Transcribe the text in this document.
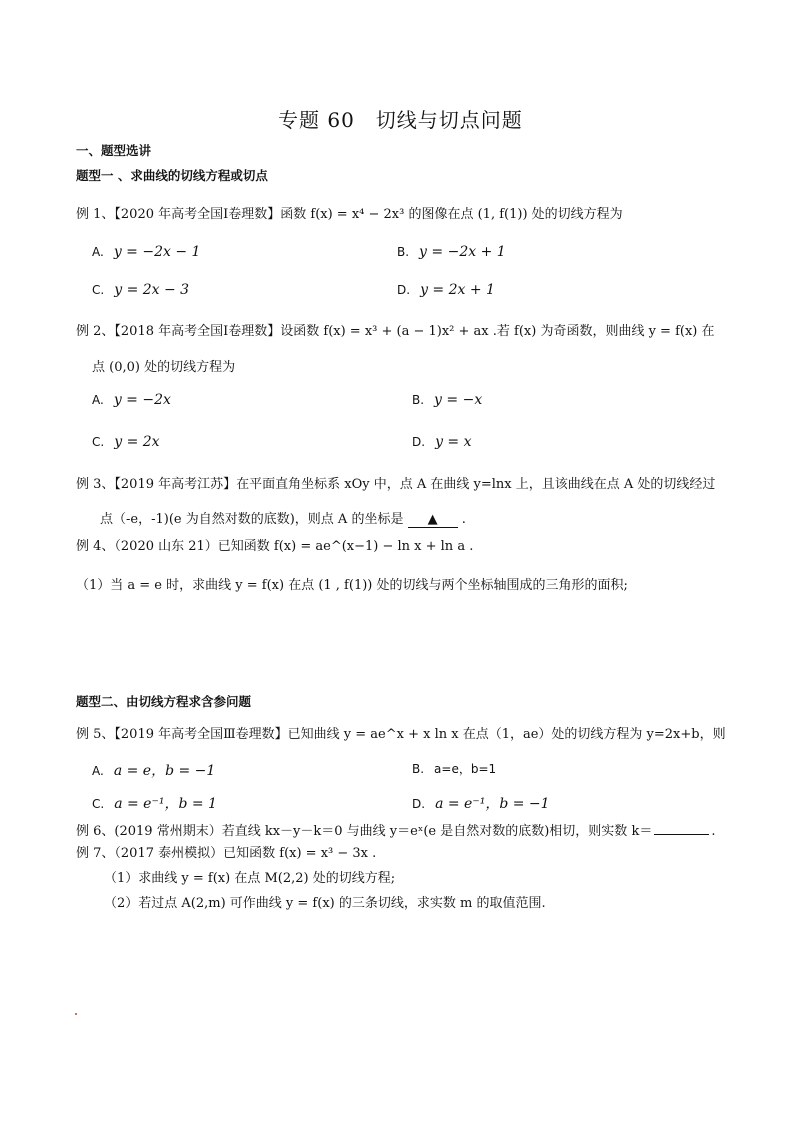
专题 60　切线与切点问题
一、题型选讲
题型一 、求曲线的切线方程或切点
例 1、【2020 年高考全国Ⅰ卷理数】函数 f(x) = x⁴ − 2x³ 的图像在点 (1, f(1)) 处的切线方程为
A. y = −2x − 1	B. y = −2x + 1
C. y = 2x − 3	D. y = 2x + 1
例 2、【2018 年高考全国Ⅰ卷理数】设函数 f(x) = x³ + (a − 1)x² + ax .若 f(x) 为奇函数，则曲线 y = f(x) 在
点 (0,0) 处的切线方程为
A. y = −2x	B. y = −x
C. y = 2x	D. y = x
例 3、【2019 年高考江苏】在平面直角坐标系 xOy 中，点 A 在曲线 y=lnx 上，且该曲线在点 A 处的切线经过
点（-e，-1)(e 为自然对数的底数)，则点 A 的坐标是 ▲ .
例 4、（2020 山东 21）已知函数 f(x) = ae^(x−1) − ln x + ln a .
（1）当 a = e 时，求曲线 y = f(x) 在点 (1 , f(1)) 处的切线与两个坐标轴围成的三角形的面积;
题型二、由切线方程求含参问题
例 5、【2019 年高考全国Ⅲ卷理数】已知曲线 y = ae^x + x ln x 在点（1，ae）处的切线方程为 y=2x+b，则
A. a = e，b = −1	B. a=e，b=1
C. a = e⁻¹，b = 1	D. a = e⁻¹，b = −1
例 6、(2019 常州期末）若直线 kx－y－k＝0 与曲线 y＝eˣ(e 是自然对数的底数)相切，则实数 k＝	.
例 7、（2017 泰州模拟）已知函数 f(x) = x³ − 3x .
（1）求曲线 y = f(x) 在点 M(2,2) 处的切线方程;
（2）若过点 A(2,m) 可作曲线 y = f(x) 的三条切线，求实数 m 的取值范围.
